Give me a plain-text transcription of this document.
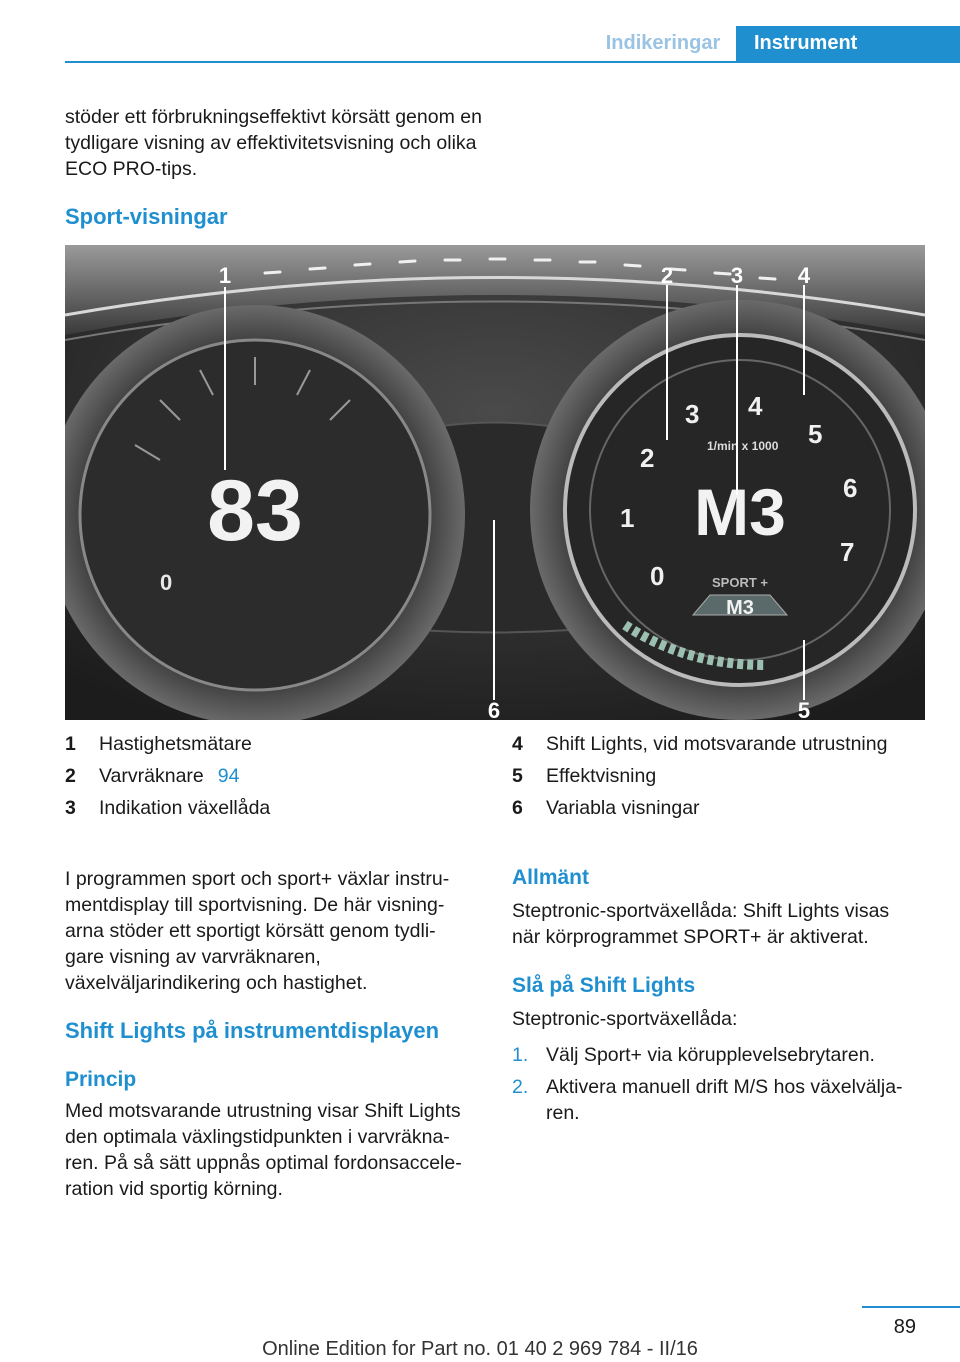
Indikeringar	Instrument
stöder ett förbrukningseffektivt körsätt genom en tydligare visning av effektivitetsvisning och olika ECO PRO-tips.
Sport-visningar
0
83
0
1
2
3 4
5
6
7
1/min x 1000
M3
SPORT +
M3
1	2	3 4
5
6
1 Hastighetsmätare
2 Varvräknare 94
3 Indikation växellåda
4 Shift Lights, vid motsvarande utrustning
5 Effektvisning
6 Variabla visningar
I programmen sport och sport+ växlar instru- mentdisplay till sportvisning. De här visning- arna stöder ett sportigt körsätt genom tydli- gare visning av varvräknaren, växelväljarindikering och hastighet.
Shift Lights på instrumentdisplayen
Princip
Med motsvarande utrustning visar Shift Lights den optimala växlingstidpunkten i varvräkna- ren. På så sätt uppnås optimal fordonsaccele- ration vid sportig körning.
Allmänt
Steptronic-sportväxellåda: Shift Lights visas när körprogrammet SPORT+ är aktiverat.
Slå på Shift Lights
Steptronic-sportväxellåda:
1. Välj Sport+ via körupplevelsebrytaren.
2. Aktivera manuell drift M/S hos växelvälja- ren.
89
Online Edition for Part no. 01 40 2 969 784 - II/16
